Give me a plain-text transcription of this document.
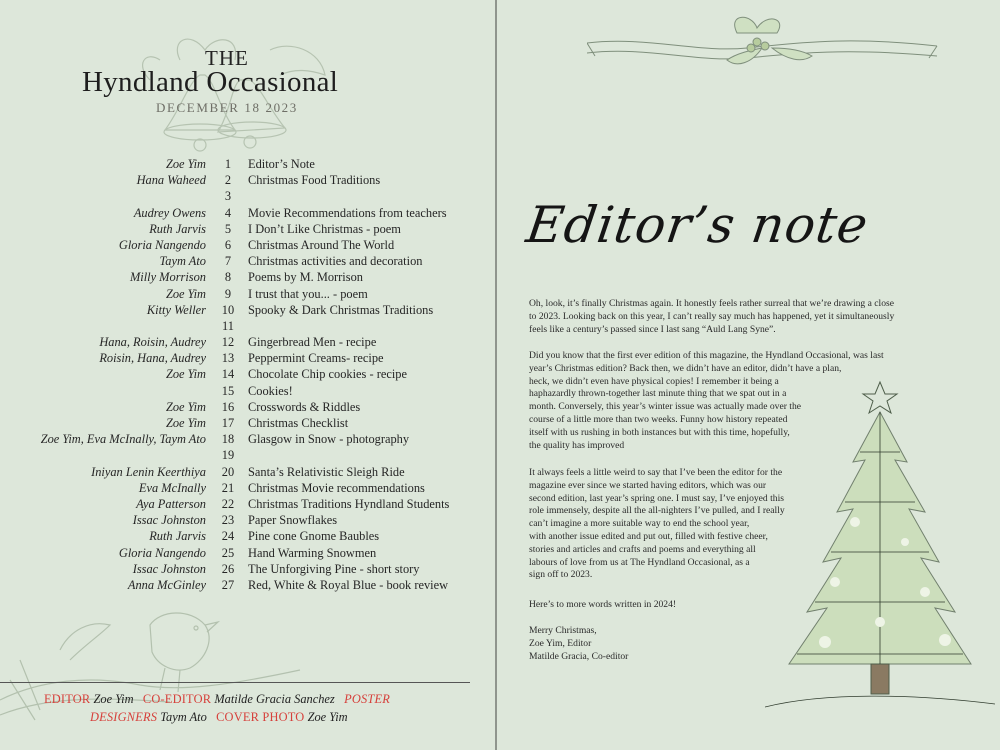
THE
Hyndland Occasional
DECEMBER 18 2023
Zoe Yim	1	Editor’s Note
Hana Waheed	2	Christmas Food Traditions
3
Audrey Owens	4	Movie Recommendations from teachers
Ruth Jarvis	5	I Don’t Like Christmas - poem
Gloria Nangendo	6	Christmas Around The World
Taym Ato	7	Christmas activities and decoration
Milly Morrison	8	Poems by M. Morrison
Zoe Yim	9	I trust that you... - poem
Kitty Weller	10	Spooky & Dark Christmas Traditions
11
Hana, Roisin, Audrey	12	Gingerbread Men - recipe
Roisin, Hana, Audrey	13	Peppermint Creams- recipe
Zoe Yim	14	Chocolate Chip cookies - recipe
15	Cookies!
Zoe Yim	16	Crosswords & Riddles
Zoe Yim	17	Christmas Checklist
Zoe Yim, Eva McInally, Taym Ato	18	Glasgow in Snow - photography
19
Iniyan Lenin Keerthiya	20	Santa’s Relativistic Sleigh Ride
Eva McInally	21	Christmas Movie recommendations
Aya Patterson	22	Christmas Traditions Hyndland Students
Issac Johnston	23	Paper Snowflakes
Ruth Jarvis	24	Pine cone Gnome Baubles
Gloria Nangendo	25	Hand Warming Snowmen
Issac Johnston	26	The Unforgiving Pine - short story
Anna McGinley	27	Red, White & Royal Blue - book review
EDITOR Zoe Yim CO-EDITOR Matilde Gracia Sanchez POSTER
DESIGNERS Taym Ato COVER PHOTO Zoe Yim
Editor’s note

Oh, look, it’s finally Christmas again. It honestly feels rather surreal that we’re drawing a close

to 2023. Looking back on this year, I can’t really say much has happened, yet it simultaneously

feels like a century’s passed since I last sang “Auld Lang Syne”.

Did you know that the first ever edition of this magazine, the Hyndland Occasional, was last

year’s Christmas edition? Back then, we didn’t have an editor, didn’t have a plan,

heck, we didn’t even have physical copies! I remember it being a

haphazardly thrown-together last minute thing that we spat out in a

month. Conversely, this year’s winter issue was actually made over the

course of a little more than two weeks. Funny how history repeated

itself with us rushing in both instances but with this time, hopefully,

the quality has improved

It always feels a little weird to say that I’ve been the editor for the

magazine ever since we started having editors, which was our

second edition, last year’s spring one. I must say, I’ve enjoyed this

role immensely, despite all the all-nighters I’ve pulled, and I really

can’t imagine a more suitable way to end the school year,

with another issue edited and put out, filled with festive cheer,

stories and articles and crafts and poems and everything all

labours of love from us at The Hyndland Occasional, as a

sign off to 2023.

Here’s to more words written in 2024!

Merry Christmas,

Zoe Yim, Editor

Matilde Gracia, Co-editor
